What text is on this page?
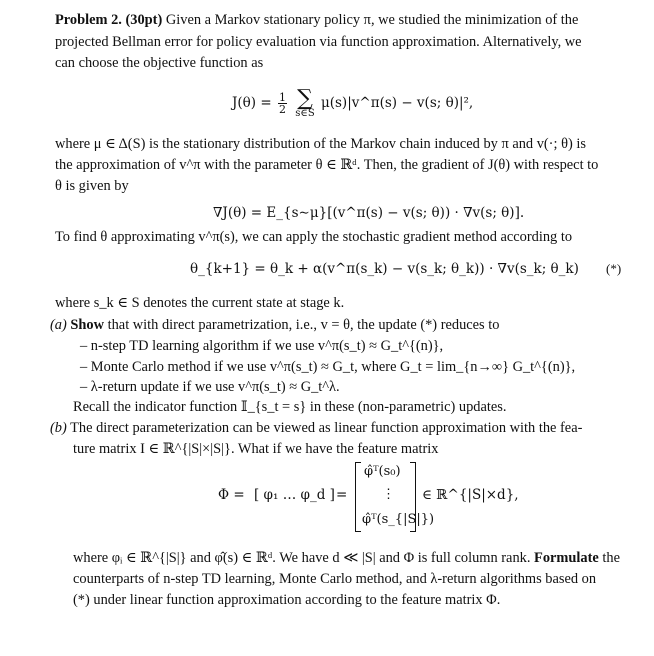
Problem 2. (30pt) Given a Markov stationary policy π, we studied the minimization of the
projected Bellman error for policy evaluation via function approximation. Alternatively, we
can choose the objective function as
$J(\theta) = \frac{1}{2}$
∑
s∈S
μ(s)|v^π(s) − v(s; θ)|²,
where μ ∈ Δ(S) is the stationary distribution of the Markov chain induced by π and v(·; θ) is
the approximation of v^π with the parameter θ ∈ ℝᵈ. Then, the gradient of J(θ) with respect to
θ is given by
∇J(θ) = E_{s∼μ}[(v^π(s) − v(s; θ)) · ∇v(s; θ)].
To find θ approximating v^π(s), we can apply the stochastic gradient method according to
θ_{k+1} = θ_k + α(v^π(s_k) − v(s_k; θ_k)) · ∇v(s_k; θ_k) (*)
where s_k ∈ S denotes the current state at stage k.
(a) Show that with direct parametrization, i.e., v = θ, the update (*) reduces to
– n-step TD learning algorithm if we use v^π(s_t) ≈ G_t^{(n)},
– Monte Carlo method if we use v^π(s_t) ≈ G_t, where G_t = lim_{n→∞} G_t^{(n)},
– λ-return update if we use v^π(s_t) ≈ G_t^λ.
Recall the indicator function 𝕀_{s_t = s} in these (non-parametric) updates.
(b) The direct parameterization can be viewed as linear function approximation with the fea-
ture matrix I ∈ ℝ^{|S|×|S|}. What if we have the feature matrix
Φ = [ φ₁ … φ_d ] =
φ̂ᵀ(s₀)
⋮
φ̂ᵀ(s_{|S|})
∈ ℝ^{|S|×d},
where φᵢ ∈ ℝ^{|S|} and φ̂(s) ∈ ℝᵈ. We have d ≪ |S| and Φ is full column rank. Formulate the
counterparts of n-step TD learning, Monte Carlo method, and λ-return algorithms based on
(*) under linear function approximation according to the feature matrix Φ.
